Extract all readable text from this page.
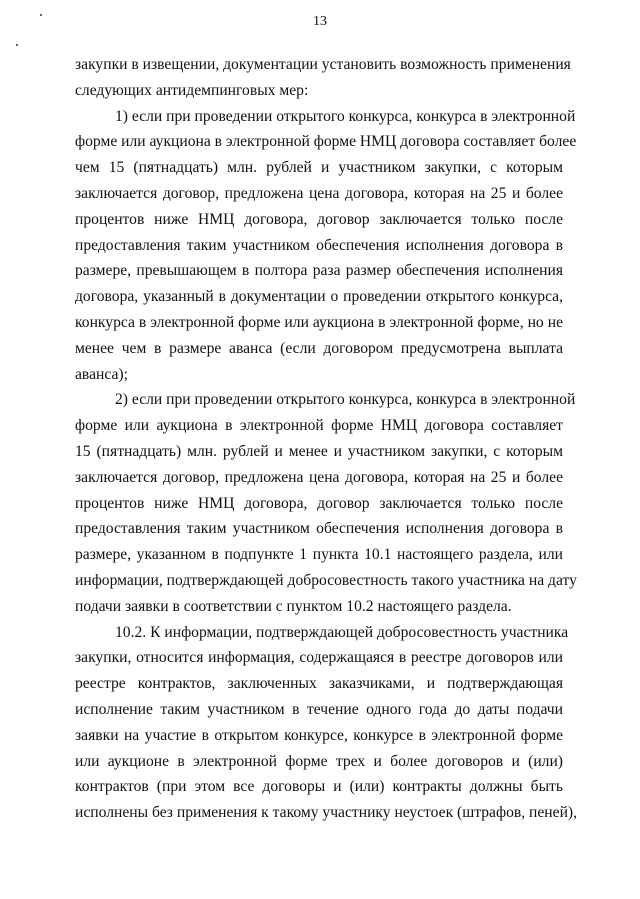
13
закупки в извещении, документации установить возможность применения
следующих антидемпинговых мер:
1) если при проведении открытого конкурса, конкурса в электронной
форме или аукциона в электронной форме НМЦ договора составляет более
чем 15 (пятнадцать) млн. рублей и участником закупки, с которым
заключается договор, предложена цена договора, которая на 25 и более
процентов ниже НМЦ договора, договор заключается только после
предоставления таким участником обеспечения исполнения договора в
размере, превышающем в полтора раза размер обеспечения исполнения
договора, указанный в документации о проведении открытого конкурса,
конкурса в электронной форме или аукциона в электронной форме, но не
менее чем в размере аванса (если договором предусмотрена выплата
аванса);
2) если при проведении открытого конкурса, конкурса в электронной
форме или аукциона в электронной форме НМЦ договора составляет
15 (пятнадцать) млн. рублей и менее и участником закупки, с которым
заключается договор, предложена цена договора, которая на 25 и более
процентов ниже НМЦ договора, договор заключается только после
предоставления таким участником обеспечения исполнения договора в
размере, указанном в подпункте 1 пункта 10.1 настоящего раздела, или
информации, подтверждающей добросовестность такого участника на дату
подачи заявки в соответствии с пунктом 10.2 настоящего раздела.
10.2. К информации, подтверждающей добросовестность участника
закупки, относится информация, содержащаяся в реестре договоров или
реестре контрактов, заключенных заказчиками, и подтверждающая
исполнение таким участником в течение одного года до даты подачи
заявки на участие в открытом конкурсе, конкурсе в электронной форме
или аукционе в электронной форме трех и более договоров и (или)
контрактов (при этом все договоры и (или) контракты должны быть
исполнены без применения к такому участнику неустоек (штрафов, пеней),
